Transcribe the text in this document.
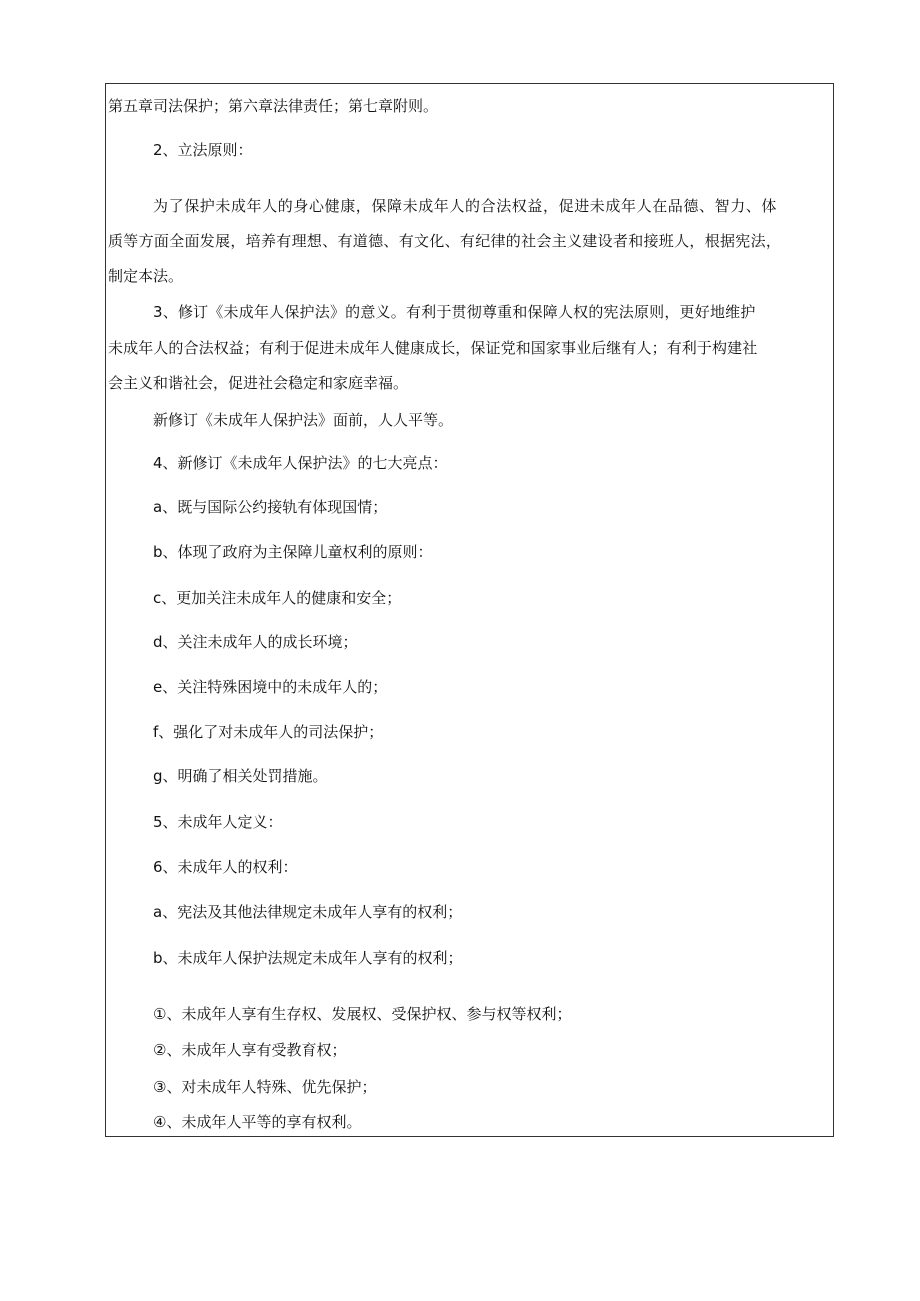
第五章司法保护；第六章法律责任；第七章附则。
2、立法原则：
为了保护未成年人的身心健康，保障未成年人的合法权益，促进未成年人在品德、智力、体
质等方面全面发展，培养有理想、有道德、有文化、有纪律的社会主义建设者和接班人，根据宪法，
制定本法。
3、修订《未成年人保护法》的意义。有利于贯彻尊重和保障人权的宪法原则，更好地维护
未成年人的合法权益；有利于促进未成年人健康成长，保证党和国家事业后继有人；有利于构建社
会主义和谐社会，促进社会稳定和家庭幸福。
新修订《未成年人保护法》面前，人人平等。
4、新修订《未成年人保护法》的七大亮点：
a、既与国际公约接轨有体现国情；
b、体现了政府为主保障儿童权利的原则：
c、更加关注未成年人的健康和安全；
d、关注未成年人的成长环境；
e、关注特殊困境中的未成年人的；
f、强化了对未成年人的司法保护；
g、明确了相关处罚措施。
5、未成年人定义：
6、未成年人的权利：
a、宪法及其他法律规定未成年人享有的权利；
b、未成年人保护法规定未成年人享有的权利；
①、未成年人享有生存权、发展权、受保护权、参与权等权利；
②、未成年人享有受教育权；
③、对未成年人特殊、优先保护；
④、未成年人平等的享有权利。
